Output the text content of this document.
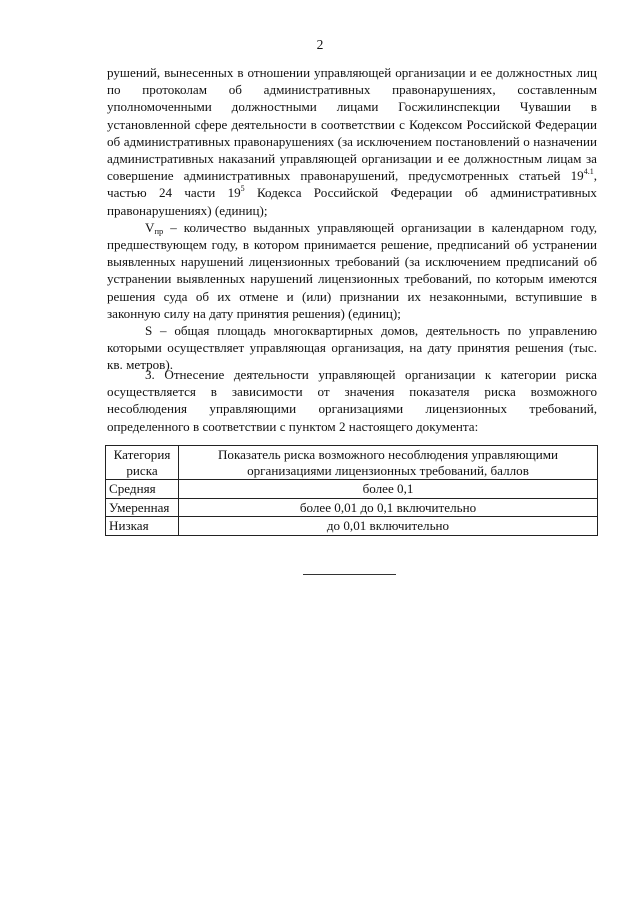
2

рушений, вынесенных в отношении управляющей организации и ее должностных лиц по протоколам об административных правонарушениях, составленным уполномоченными должностными лицами Госжилинспекции Чувашии в установленной сфере деятельности в соответствии с Кодексом Российской Федерации об административных правонарушениях (за исключением постановлений о назначении административных наказаний управляющей организации и ее должностным лицам за совершение административных правонарушений, предусмотренных статьей $19^{4.1}$, частью 24 части $19^5$ Кодекса Российской Федерации об административных правонарушениях) (единиц);

$V_{пр}$ – количество выданных управляющей организации в календарном году, предшествующем году, в котором принимается решение, предписаний об устранении выявленных нарушений лицензионных требований (за исключением предписаний об устранении выявленных нарушений лицензионных требований, по которым имеются решения суда об их отмене и (или) признании их незаконными, вступившие в законную силу на дату принятия решения) (единиц);

S – общая площадь многоквартирных домов, деятельность по управлению которыми осуществляет управляющая организация, на дату принятия решения (тыс. кв. метров).

3. Отнесение деятельности управляющей организации к категории риска осуществляется в зависимости от значения показателя риска возможного несоблюдения управляющими организациями лицензионных требований, определенного в соответствии с пунктом 2 настоящего документа:

Категория риска	Показатель риска возможного несоблюдения управляющими организациями лицензионных требований, баллов
Средняя	более 0,1
Умеренная	более 0,01 до 0,1 включительно
Низкая	до 0,01 включительно
